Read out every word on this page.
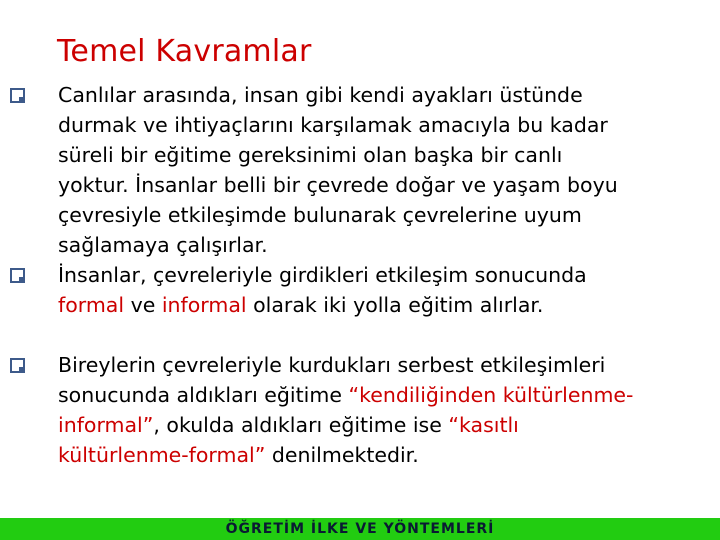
Temel Kavramlar
Canlılar arasında, insan gibi kendi ayakları üstünde
durmak ve ihtiyaçlarını karşılamak amacıyla bu kadar
süreli bir eğitime gereksinimi olan başka bir canlı
yoktur. İnsanlar belli bir çevrede doğar ve yaşam boyu
çevresiyle etkileşimde bulunarak çevrelerine uyum
sağlamaya çalışırlar.
İnsanlar, çevreleriyle girdikleri etkileşim sonucunda
formal ve informal olarak iki yolla eğitim alırlar.
Bireylerin çevreleriyle kurdukları serbest etkileşimleri
sonucunda aldıkları eğitime “kendiliğinden kültürlenme-
informal”, okulda aldıkları eğitime ise “kasıtlı
kültürlenme-formal” denilmektedir.
ÖĞRETİM İLKE VE YÖNTEMLERİ
